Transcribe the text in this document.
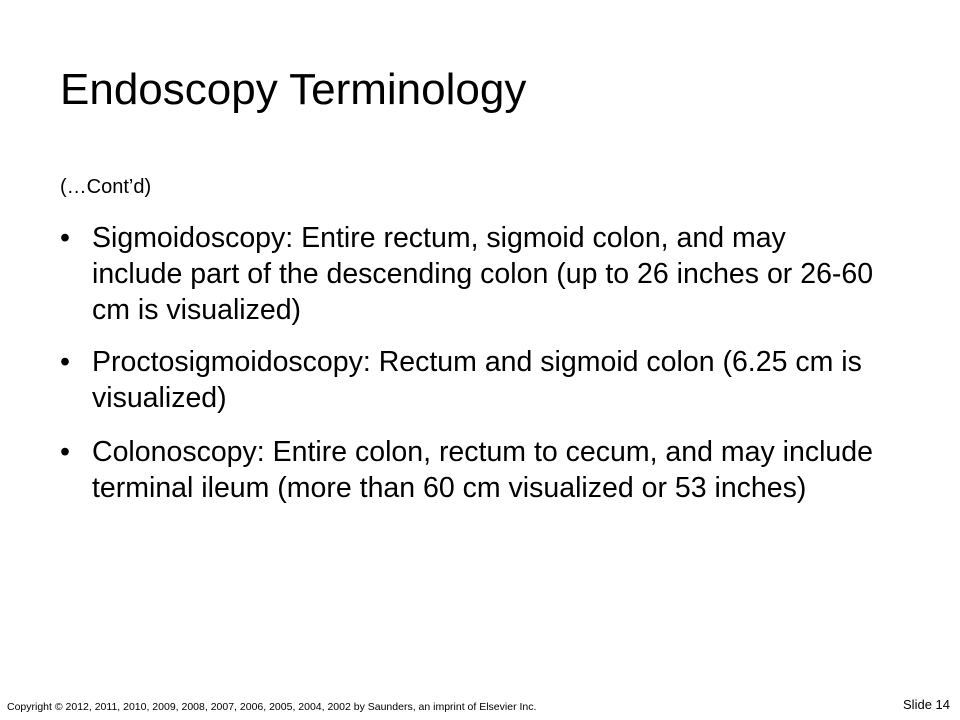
Endoscopy Terminology
(…Cont’d)
• Sigmoidoscopy: Entire rectum, sigmoid colon, and may include part of the descending colon (up to 26 inches or 26-60 cm is visualized)
• Proctosigmoidoscopy: Rectum and sigmoid colon (6.25 cm is visualized)
• Colonoscopy: Entire colon, rectum to cecum, and may include terminal ileum (more than 60 cm visualized or 53 inches)
Copyright © 2012, 2011, 2010, 2009, 2008, 2007, 2006, 2005, 2004, 2002 by Saunders, an imprint of Elsevier Inc.	Slide 14
